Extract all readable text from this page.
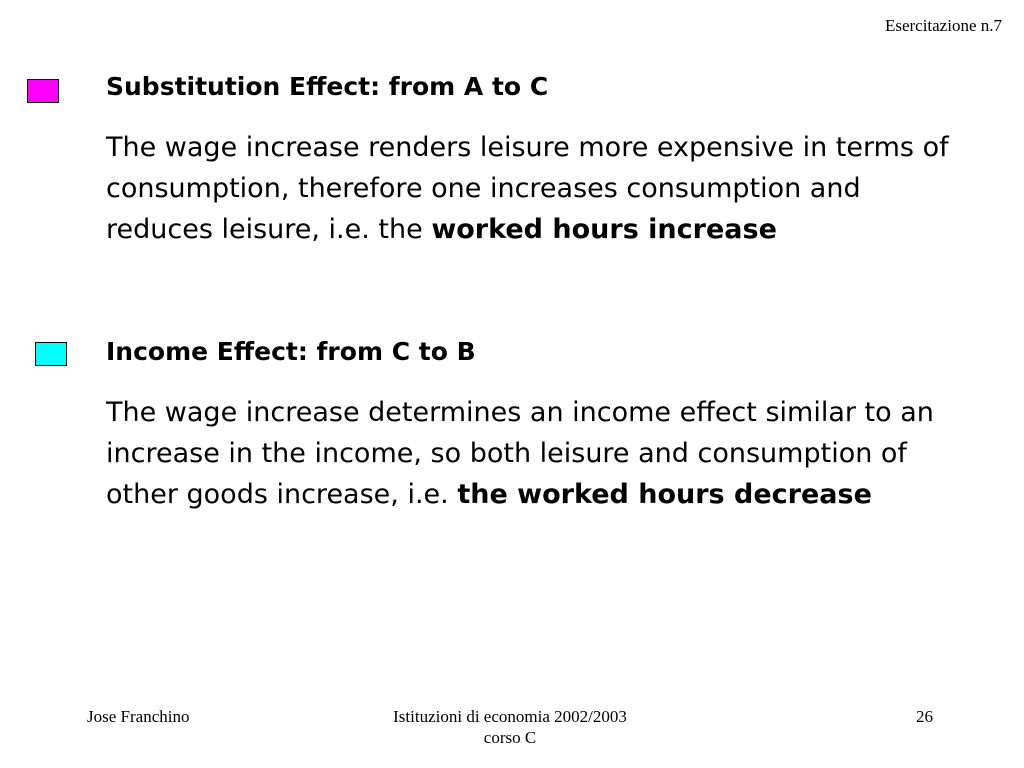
Esercitazione n.7
Substitution Effect: from A to C
The wage increase renders leisure more expensive in terms of consumption, therefore one increases consumption and reduces leisure, i.e. the worked hours increase
Income Effect: from C to B
The wage increase determines an income effect similar to an increase in the income, so both leisure and consumption of other goods increase, i.e. the worked hours decrease
Jose Franchino	Istituzioni di economia 2002/2003
corso C
26
